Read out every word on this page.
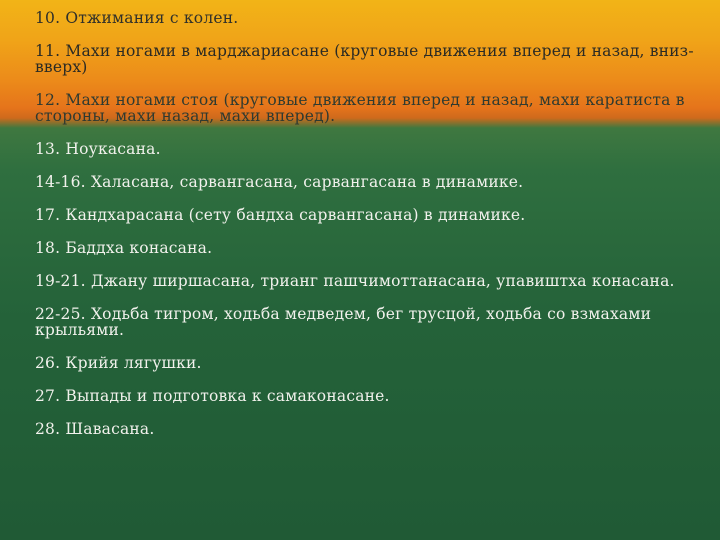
10. Отжимания с колен.

11. Махи ногами в марджариасане (круговые движения вперед и назад, вниз-вверх)

12. Махи ногами стоя (круговые движения вперед и назад, махи каратиста в стороны, махи назад, махи вперед).

13. Ноукасана.

14-16. Халасана, сарвангасана, сарвангасана в динамике.

17. Кандхарасана (сету бандха сарвангасана) в динамике.

18. Баддха конасана.

19-21. Джану ширшасана, трианг пашчимоттанасана, упавиштха конасана.

22-25. Ходьба тигром, ходьба медведем, бег трусцой, ходьба со взмахами крыльями.

26. Крийя лягушки.

27. Выпады и подготовка к самаконасане.

28. Шавасана.
